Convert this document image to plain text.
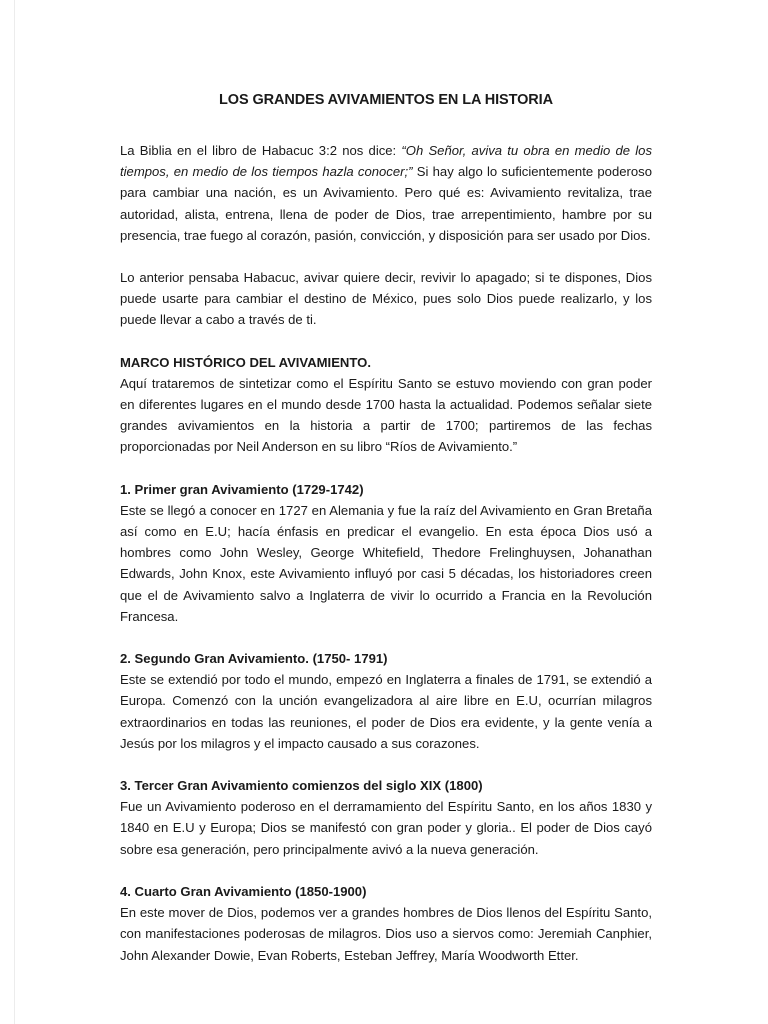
LOS GRANDES AVIVAMIENTOS EN LA HISTORIA

La Biblia en el libro de Habacuc 3:2 nos dice: “Oh Señor, aviva tu obra en medio de los tiempos, en medio de los tiempos hazla conocer;” Si hay algo lo suficientemente poderoso para cambiar una nación, es un Avivamiento. Pero qué es: Avivamiento revitaliza, trae autoridad, alista, entrena, llena de poder de Dios, trae arrepentimiento, hambre por su presencia, trae fuego al corazón, pasión, convicción, y disposición para ser usado por Dios.

Lo anterior pensaba Habacuc, avivar quiere decir, revivir lo apagado; si te dispones, Dios puede usarte para cambiar el destino de México, pues solo Dios puede realizarlo, y los puede llevar a cabo a través de ti.

MARCO HISTÓRICO DEL AVIVAMIENTO.

Aquí trataremos de sintetizar como el Espíritu Santo se estuvo moviendo con gran poder en diferentes lugares en el mundo desde 1700 hasta la actualidad. Podemos señalar siete grandes avivamientos en la historia a partir de 1700; partiremos de las fechas proporcionadas por Neil Anderson en su libro “Ríos de Avivamiento.”

1. Primer gran Avivamiento (1729-1742)

Este se llegó a conocer en 1727 en Alemania y fue la raíz del Avivamiento en Gran Bretaña así como en E.U; hacía énfasis en predicar el evangelio. En esta época Dios usó a hombres como John Wesley, George Whitefield, Thedore Frelinghuysen, Johanathan Edwards, John Knox, este Avivamiento influyó por casi 5 décadas, los historiadores creen que el de Avivamiento salvo a Inglaterra de vivir lo ocurrido a Francia en la Revolución Francesa.

2. Segundo Gran Avivamiento. (1750- 1791)

Este se extendió por todo el mundo, empezó en Inglaterra a finales de 1791, se extendió a Europa. Comenzó con la unción evangelizadora al aire libre en E.U, ocurrían milagros extraordinarios en todas las reuniones, el poder de Dios era evidente, y la gente venía a Jesús por los milagros y el impacto causado a sus corazones.

3. Tercer Gran Avivamiento comienzos del siglo XIX (1800)

Fue un Avivamiento poderoso en el derramamiento del Espíritu Santo, en los años 1830 y 1840 en E.U y Europa; Dios se manifestó con gran poder y gloria.. El poder de Dios cayó sobre esa generación, pero principalmente avivó a la nueva generación.

4. Cuarto Gran Avivamiento (1850-1900)

En este mover de Dios, podemos ver a grandes hombres de Dios llenos del Espíritu Santo, con manifestaciones poderosas de milagros. Dios uso a siervos como: Jeremiah Canphier, John Alexander Dowie, Evan Roberts, Esteban Jeffrey, María Woodworth Etter.
